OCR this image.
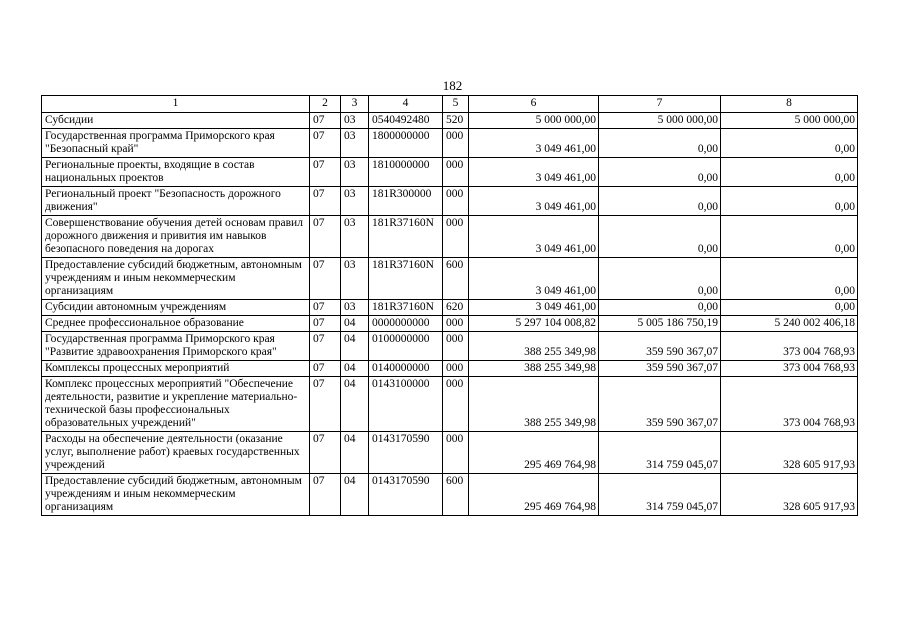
182
1	2	3	4	5	6	7	8
Субсидии	07	03	0540492480	520	5 000 000,00	5 000 000,00	5 000 000,00
Государственная программа Приморского края "Безопасный край"	07	03	1800000000	000	3 049 461,00	0,00	0,00
Региональные проекты, входящие в состав национальных проектов	07	03	1810000000	000	3 049 461,00	0,00	0,00
Региональный проект "Безопасность дорожного движения"	07	03	181R300000	000	3 049 461,00	0,00	0,00
Совершенствование обучения детей основам правил дорожного движения и привития им навыков безопасного поведения на дорогах	07	03	181R37160N	000	3 049 461,00	0,00	0,00
Предоставление субсидий бюджетным, автономным учреждениям и иным некоммерческим организациям	07	03	181R37160N	600	3 049 461,00	0,00	0,00
Субсидии автономным учреждениям	07	03	181R37160N	620	3 049 461,00	0,00	0,00
Среднее профессиональное образование	07	04	0000000000	000	5 297 104 008,82	5 005 186 750,19	5 240 002 406,18
Государственная программа Приморского края "Развитие здравоохранения Приморского края"	07	04	0100000000	000	388 255 349,98	359 590 367,07	373 004 768,93
Комплексы процессных мероприятий	07	04	0140000000	000	388 255 349,98	359 590 367,07	373 004 768,93
Комплекс процессных мероприятий "Обеспечение деятельности, развитие и укрепление материально-технической базы профессиональных образовательных учреждений"	07	04	0143100000	000	388 255 349,98	359 590 367,07	373 004 768,93
Расходы на обеспечение деятельности (оказание услуг, выполнение работ) краевых государственных учреждений	07	04	0143170590	000	295 469 764,98	314 759 045,07	328 605 917,93
Предоставление субсидий бюджетным, автономным учреждениям и иным некоммерческим организациям	07	04	0143170590	600	295 469 764,98	314 759 045,07	328 605 917,93
